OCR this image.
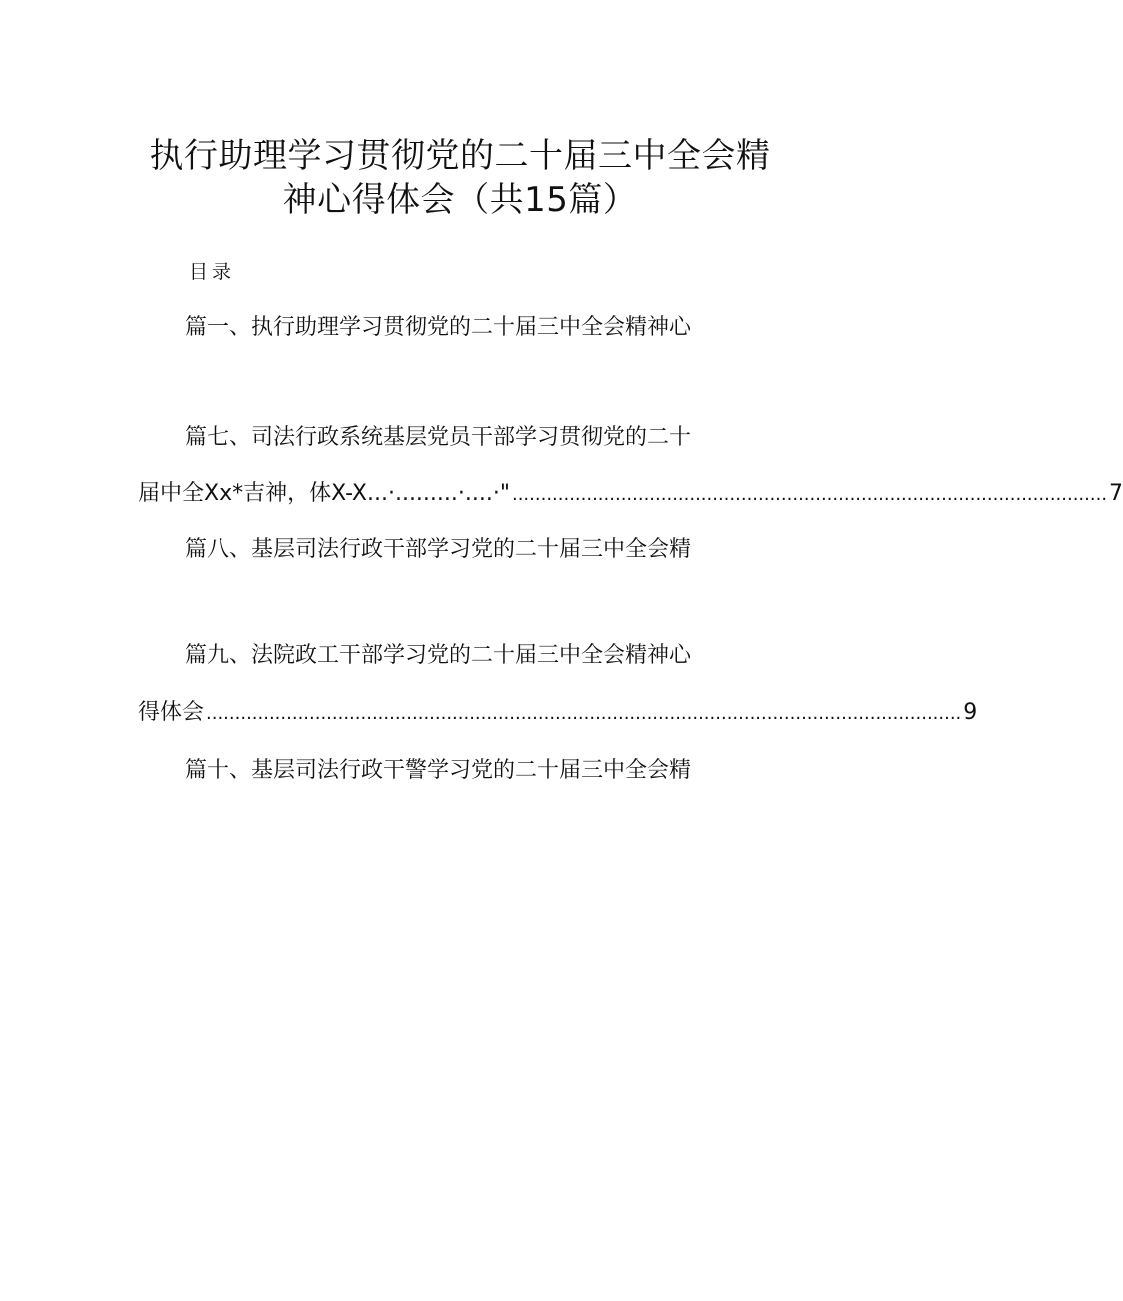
执行助理学习贯彻党的二十届三中全会精
神心得体会（共15篇）
目录
篇一、执行助理学习贯彻党的二十届三中全会精神心
篇七、司法行政系统基层党员干部学习贯彻党的二十
届中全Xx*吉神，体X-X...·.........·....·" ........................................................................................................ 7
篇八、基层司法行政干部学习党的二十届三中全会精
篇九、法院政工干部学习党的二十届三中全会精神心
得体会 .................................................................................................................................... 9
篇十、基层司法行政干警学习党的二十届三中全会精
